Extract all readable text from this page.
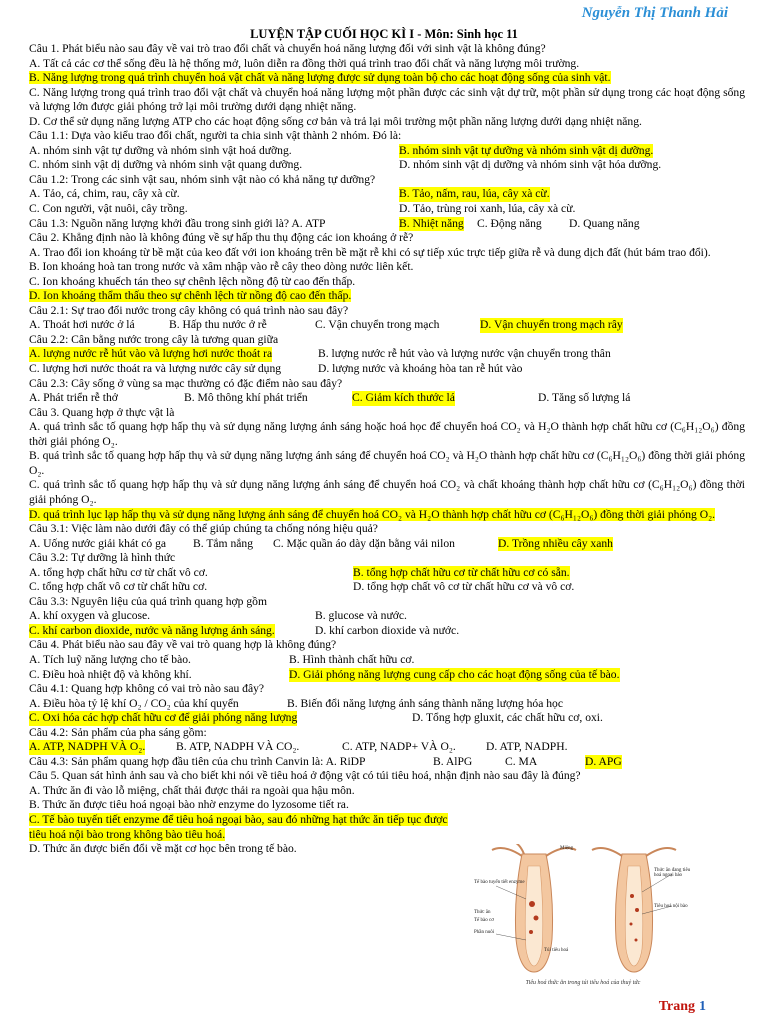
Nguyễn Thị Thanh Hải
LUYỆN TẬP CUỐI HỌC KÌ I - Môn: Sinh học 11
Câu 1. Phát biểu nào sau đây về vai trò trao đổi chất và chuyển hoá năng lượng đối với sinh vật là không đúng?
A. Tất cả các cơ thể sống đều là hệ thống mở, luôn diễn ra đồng thời quá trình trao đổi chất và năng lượng môi trường.
B. Năng lượng trong quá trình chuyển hoá vật chất và năng lượng được sử dụng toàn bộ cho các hoạt động sống của sinh vật.
C. Năng lượng trong quá trình trao đổi vật chất và chuyển hoá năng lượng một phần được các sinh vật dự trữ, một phần sử dụng trong các hoạt động sống và lượng lớn được giải phóng trở lại môi trường dưới dạng nhiệt năng.
D. Cơ thể sử dụng năng lượng ATP cho các hoạt động sống cơ bản và trả lại môi trường một phần năng lượng dưới dạng nhiệt năng.
Câu 1.1: Dựa vào kiểu trao đổi chất, người ta chia sinh vật thành 2 nhóm. Đó là:
A. nhóm sinh vật tự dưỡng và nhóm sinh vật hoá dưỡng.	B. nhóm sinh vật tự dưỡng và nhóm sinh vật dị dưỡng.
C. nhóm sinh vật dị dưỡng và nhóm sinh vật quang dưỡng.	D. nhóm sinh vật dị dưỡng và nhóm sinh vật hóa dưỡng.
Câu 1.2: Trong các sinh vật sau, nhóm sinh vật nào có khả năng tự dưỡng?
A. Tảo, cá, chim, rau, cây xà cừ.	B. Tảo, nấm, rau, lúa, cây xà cừ.
C. Con người, vật nuôi, cây trồng.	D. Tảo, trùng roi xanh, lúa, cây xà cừ.
Câu 1.3: Nguồn năng lượng khởi đầu trong sinh giới là? A. ATP	B. Nhiệt năng C. Động năng D. Quang năng
Câu 2. Khẳng định nào là không đúng về sự hấp thu thụ động các ion khoáng ở rễ?
A. Trao đổi ion khoáng từ bề mặt của keo đất với ion khoáng trên bề mặt rễ khi có sự tiếp xúc trực tiếp giữa rễ và dung dịch đất (hút bám trao đổi).
B. Ion khoáng hoà tan trong nước và xâm nhập vào rễ cây theo dòng nước liên kết.
C. Ion khoáng khuếch tán theo sự chênh lệch nồng độ từ cao đến thấp.
D. Ion khoáng thẩm thấu theo sự chênh lệch từ nồng độ cao đến thấp.
Câu 2.1: Sự trao đổi nước trong cây không có quá trình nào sau đây?
A. Thoát hơi nước ở lá	B. Hấp thu nước ở rễ	C. Vận chuyển trong mạch	D. Vận chuyển trong mạch rây
Câu 2.2: Cân bằng nước trong cây là tương quan giữa
A. lượng nước rễ hút vào và lượng hơi nước thoát ra	B. lượng nước rễ hút vào và lượng nước vận chuyển trong thân
C. lượng hơi nước thoát ra và lượng nước cây sử dụng	D. lượng nước và khoáng hòa tan rễ hút vào
Câu 2.3: Cây sống ở vùng sa mạc thường có đặc điểm nào sau đây?
A. Phát triển rễ thở	B. Mô thông khí phát triển	C. Giảm kích thước lá	D. Tăng số lượng lá
Câu 3. Quang hợp ở thực vật là
A. quá trình sắc tố quang hợp hấp thụ và sử dụng năng lượng ánh sáng hoặc hoá học để chuyển hoá CO₂ và H₂O thành hợp chất hữu cơ (C₆H₁₂O₆) đồng thời giải phóng O₂.
B. quá trình sắc tố quang hợp hấp thụ và sử dụng năng lượng ánh sáng để chuyển hoá CO₂ và H₂O thành hợp chất hữu cơ (C₆H₁₂O₆) đồng thời giải phóng O₂.
C. quá trình sắc tố quang hợp hấp thụ và sử dụng năng lượng ánh sáng để chuyển hoá CO₂ và chất khoáng thành hợp chất hữu cơ (C₆H₁₂O₆) đồng thời giải phóng O₂.
D. quá trình lục lạp hấp thụ và sử dụng năng lượng ánh sáng để chuyển hoá CO₂ và H₂O thành hợp chất hữu cơ (C₆H₁₂O₆) đồng thời giải phóng O₂.
Câu 3.1: Việc làm nào dưới đây có thể giúp chúng ta chống nóng hiệu quả?
A. Uống nước giải khát có ga B. Tắm nắng C. Mặc quần áo dày dặn bằng vải nilon	D. Trồng nhiều cây xanh
Câu 3.2: Tự dưỡng là hình thức
A. tổng hợp chất hữu cơ từ chất vô cơ.	B. tổng hợp chất hữu cơ từ chất hữu cơ có sẵn.
C. tổng hợp chất vô cơ từ chất hữu cơ.	D. tổng hợp chất vô cơ từ chất hữu cơ và vô cơ.
Câu 3.3: Nguyên liệu của quá trình quang hợp gồm
A. khí oxygen và glucose.	B. glucose và nước.
C. khí carbon dioxide, nước và năng lượng ánh sáng.	D. khí carbon dioxide và nước.
Câu 4. Phát biểu nào sau đây về vai trò quang hợp là không đúng?
A. Tích luỹ năng lượng cho tế bào.	B. Hình thành chất hữu cơ.
C. Điều hoà nhiệt độ và không khí.	D. Giải phóng năng lượng cung cấp cho các hoạt động sống của tế bào.
Câu 4.1: Quang hợp không có vai trò nào sau đây?
A. Điều hòa tỷ lệ khí O₂ / CO₂ của khí quyển	B. Biến đổi năng lượng ánh sáng thành năng lượng hóa học
C. Oxi hóa các hợp chất hữu cơ để giải phóng năng lượng	D. Tổng hợp gluxit, các chất hữu cơ, oxi.
Câu 4.2: Sản phẩm của pha sáng gồm:
A. ATP, NADPH VÀ O₂.	B. ATP, NADPH VÀ CO₂.	C. ATP, NADP+ VÀ O₂.	D. ATP, NADPH.
Câu 4.3: Sản phẩm quang hợp đầu tiên của chu trình Canvin là: A. RiDP	B. AlPG	C. MA	D. APG
Câu 5. Quan sát hình ảnh sau và cho biết khi nói về tiêu hoá ở động vật có túi tiêu hoá, nhận định nào sau đây là đúng?
A. Thức ăn đi vào lỗ miệng, chất thải được thải ra ngoài qua hậu môn.
B. Thức ăn được tiêu hoá ngoại bào nhờ enzyme do lyzosome tiết ra.
C. Tế bào tuyến tiết enzyme để tiêu hoá ngoại bào, sau đó những hạt thức ăn tiếp tục được tiêu hoá nội bào trong không bào tiêu hoá.
D. Thức ăn được biến đổi về mặt cơ học bên trong tế bào.	Miệng
Tế bào tuyến tiết enzyme
Thức ăn
Tế bào cơ
Phần nuôi
Túi tiêu hoá
Thức ăn đang tiêu hoá ngoại bào
Tiêu hoá nội bào
Tiêu hoá thức ăn trong túi tiêu hoá của thuỷ tức
Trang 1
